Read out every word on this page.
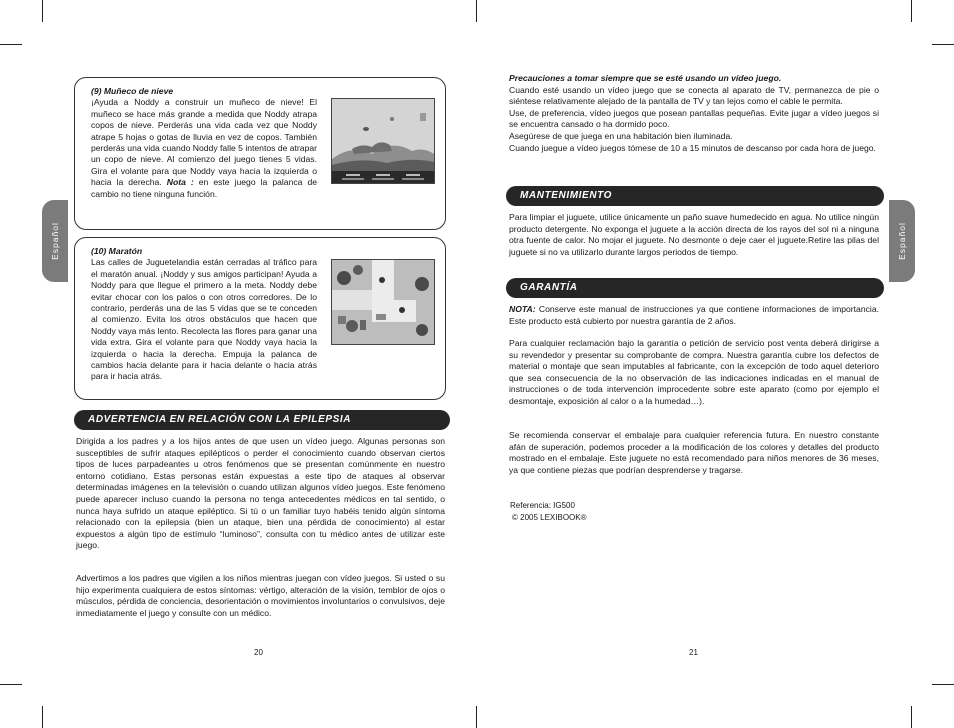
Español	Español
(9) Muñeco de nieve
¡Ayuda a Noddy a construir un muñeco de nieve! El muñeco se hace más grande a medida que Noddy atrapa copos de nieve. Perderás una vida cada vez que Noddy atrape 5 hojas o gotas de lluvia en vez de copos. También perderás una vida cuando Noddy falle 5 intentos de atrapar un copo de nieve. Al comienzo del juego tienes 5 vidas. Gira el volante para que Noddy vaya hacia la izquierda o hacia la derecha. Nota : en este juego la palanca de cambio no tiene ninguna función.
(10) Maratón
Las calles de Juguetelandia están cerradas al tráfico para el maratón anual. ¡Noddy y sus amigos participan! Ayuda a Noddy para que llegue el primero a la meta. Noddy debe evitar chocar con los palos o con otros corredores. De lo contrario, perderás una de las 5 vidas que se te conceden al comienzo. Evita los otros obstáculos que hacen que Noddy vaya más lento. Recolecta las flores para ganar una vida extra. Gira el volante para que Noddy vaya hacia la izquierda o hacia la derecha. Empuja la palanca de cambios hacia delante para ir hacia delante o hacia atrás para ir hacia atrás.
ADVERTENCIA EN RELACIÓN CON LA EPILEPSIA

Dirigida a los padres y a los hijos antes de que usen un vídeo juego. Algunas personas son susceptibles de sufrir ataques epilépticos o perder el conocimiento cuando observan ciertos tipos de luces parpadeantes u otros fenómenos que se presentan comúnmente en nuestro entorno cotidiano. Estas personas están expuestas a este tipo de ataques al observar determinadas imágenes en la televisión o cuando utilizan algunos vídeo juegos. Este fenómeno puede aparecer incluso cuando la persona no tenga antecedentes médicos en tal sentido, o nunca haya sufrido un ataque epiléptico. Si tú o un familiar tuyo habéis tenido algún síntoma relacionado con la epilepsia (bien un ataque, bien una pérdida de conocimiento) al estar expuestos a algún tipo de estímulo “luminoso”, consulta con tu médico antes de utilizar este juego.

Advertimos a los padres que vigilen a los niños mientras juegan con vídeo juegos. Si usted o su hijo experimenta cualquiera de estos síntomas: vértigo, alteración de la visión, temblor de ojos o músculos, pérdida de conciencia, desorientación o movimientos involuntarios o convulsivos, deje inmediatamente el juego y consulte con un médico.

20

Precauciones a tomar siempre que se esté usando un vídeo juego.

Cuando esté usando un vídeo juego que se conecta al aparato de TV, permanezca de pie o siéntese relativamente alejado de la pantalla de TV y tan lejos como el cable le permita.

Use, de preferencia, vídeo juegos que posean pantallas pequeñas. Evite jugar a vídeo juegos si se encuentra cansado o ha dormido poco.

Asegúrese de que juega en una habitación bien iluminada.

Cuando juegue a vídeo juegos tómese de 10 a 15 minutos de descanso por cada hora de juego.

MANTENIMIENTO

Para limpiar el juguete, utilice únicamente un paño suave humedecido en agua. No utilice ningún producto detergente. No exponga el juguete a la acción directa de los rayos del sol ni a ninguna otra fuente de calor. No mojar el juguete. No desmonte o deje caer el juguete.Retire las pilas del juguete si no va utilizarlo durante largos periodos de tiempo.

GARANTÍA

NOTA: Conserve este manual de instrucciones ya que contiene informaciones de importancia. Este producto está cubierto por nuestra garantía de 2 años.

Para cualquier reclamación bajo la garantía o petición de servicio post venta deberá dirigirse a su revendedor y presentar su comprobante de compra. Nuestra garantía cubre los defectos de material o montaje que sean imputables al fabricante, con la excepción de todo aquel deterioro que sea consecuencia de la no observación de las indicaciones indicadas en el manual de instrucciones o de toda intervención improcedente sobre este aparato (como por ejemplo el desmontaje, exposición al calor o a la humedad…).

Se recomienda conservar el embalaje para cualquier referencia futura. En nuestro constante afán de superación, podemos proceder a la modificación de los colores y detalles del producto mostrado en el embalaje. Este juguete no está recomendado para niños menores de 36 meses, ya que contiene piezas que podrían desprenderse y tragarse.

Referencia: IG500
© 2005 LEXIBOOK®
21
